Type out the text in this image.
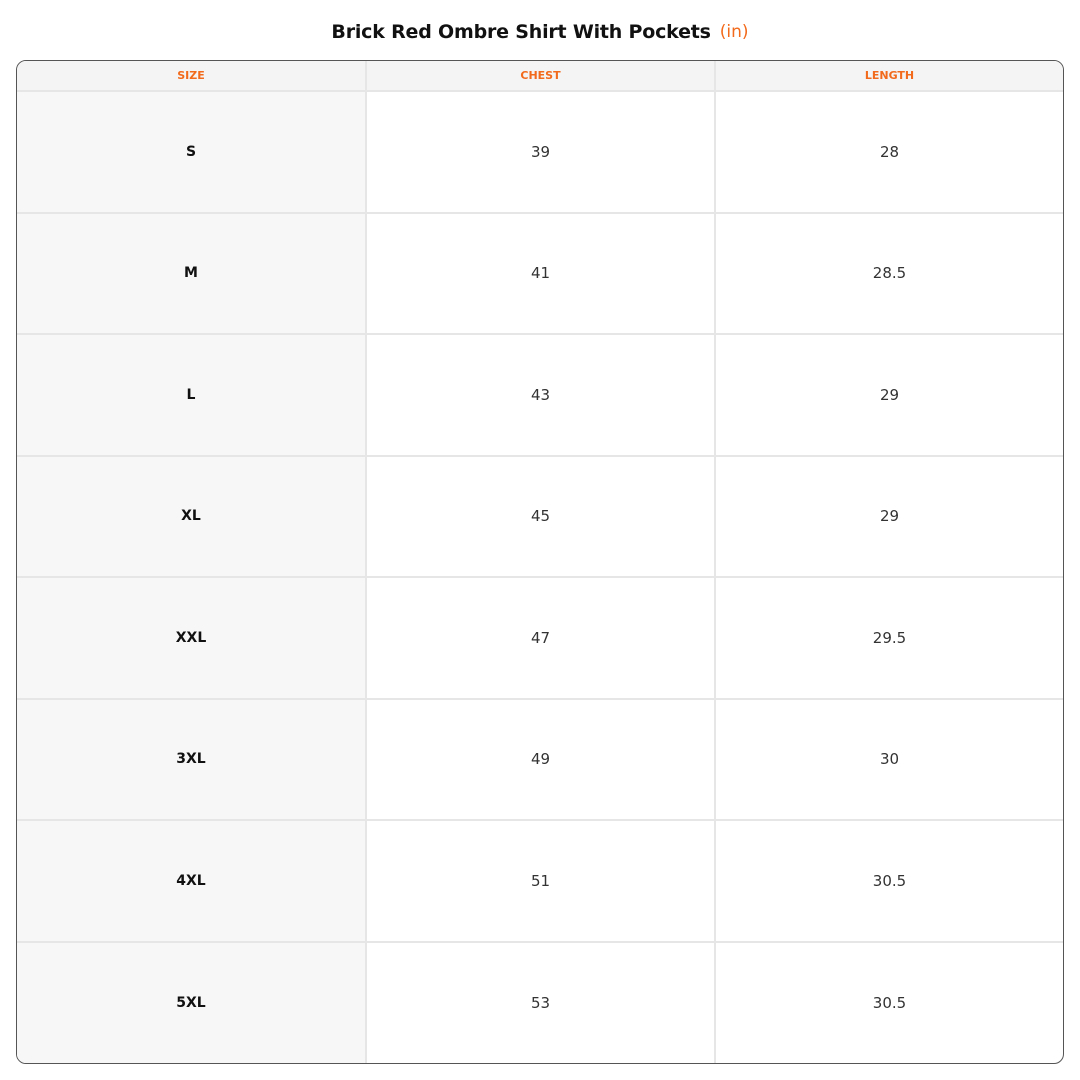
Brick Red Ombre Shirt With Pockets (in)
SIZE	CHEST	LENGTH
S	39	28
M	41	28.5
L	43	29
XL	45	29
XXL	47	29.5
3XL	49	30
4XL	51	30.5
5XL	53	30.5
